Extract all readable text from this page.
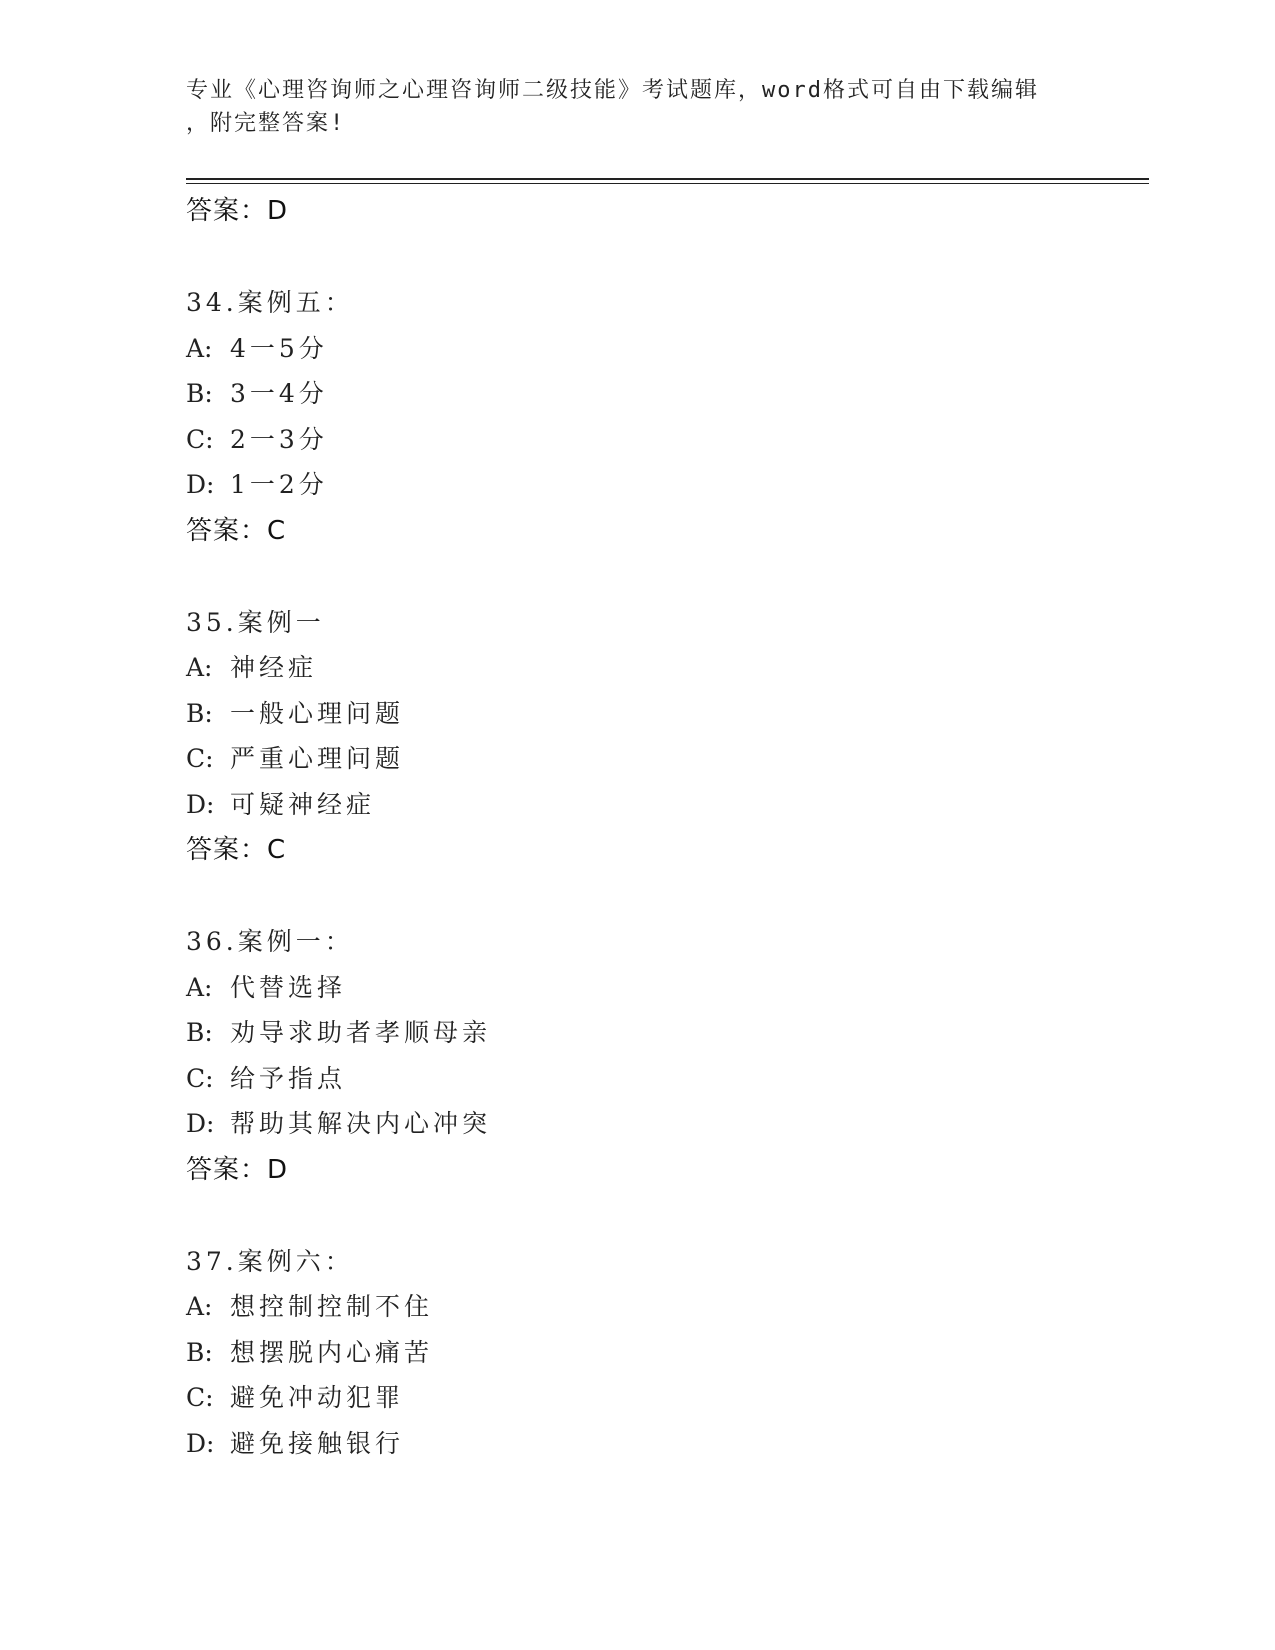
专业《心理咨询师之心理咨询师二级技能》考试题库，word格式可自由下载编辑
，附完整答案!
答案：D
34.案例五：
A: 4一5分
B: 3一4分
C: 2一3分
D: 1一2分
答案：C
35.案例一
A: 神经症
B: 一般心理问题
C: 严重心理问题
D: 可疑神经症
答案：C
36.案例一：
A: 代替选择
B: 劝导求助者孝顺母亲
C: 给予指点
D: 帮助其解决内心冲突
答案：D
37.案例六：
A: 想控制控制不住
B: 想摆脱内心痛苦
C: 避免冲动犯罪
D: 避免接触银行
